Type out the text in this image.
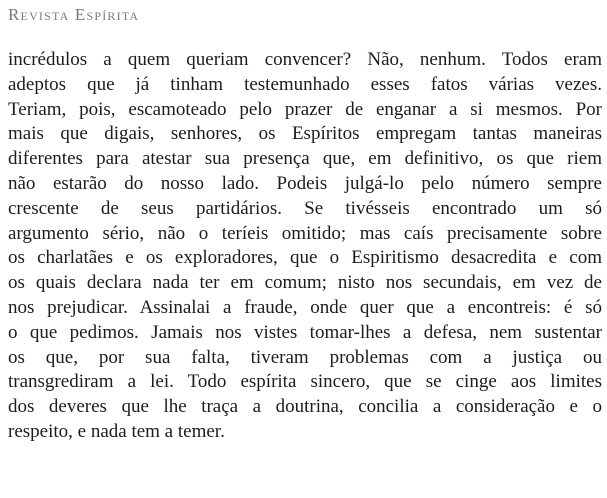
Revista Espírita
incrédulos a quem queriam convencer? Não, nenhum. Todos eram
adeptos que já tinham testemunhado esses fatos várias vezes.
Teriam, pois, escamoteado pelo prazer de enganar a si mesmos. Por
mais que digais, senhores, os Espíritos empregam tantas maneiras
diferentes para atestar sua presença que, em definitivo, os que riem
não estarão do nosso lado. Podeis julgá-lo pelo número sempre
crescente de seus partidários. Se tivésseis encontrado um só
argumento sério, não o teríeis omitido; mas caís precisamente sobre
os charlatães e os exploradores, que o Espiritismo desacredita e com
os quais declara nada ter em comum; nisto nos secundais, em vez de
nos prejudicar. Assinalai a fraude, onde quer que a encontreis: é só
o que pedimos. Jamais nos vistes tomar-lhes a defesa, nem sustentar
os que, por sua falta, tiveram problemas com a justiça ou
transgrediram a lei. Todo espírita sincero, que se cinge aos limites
dos deveres que lhe traça a doutrina, concilia a consideração e o
respeito, e nada tem a temer.
